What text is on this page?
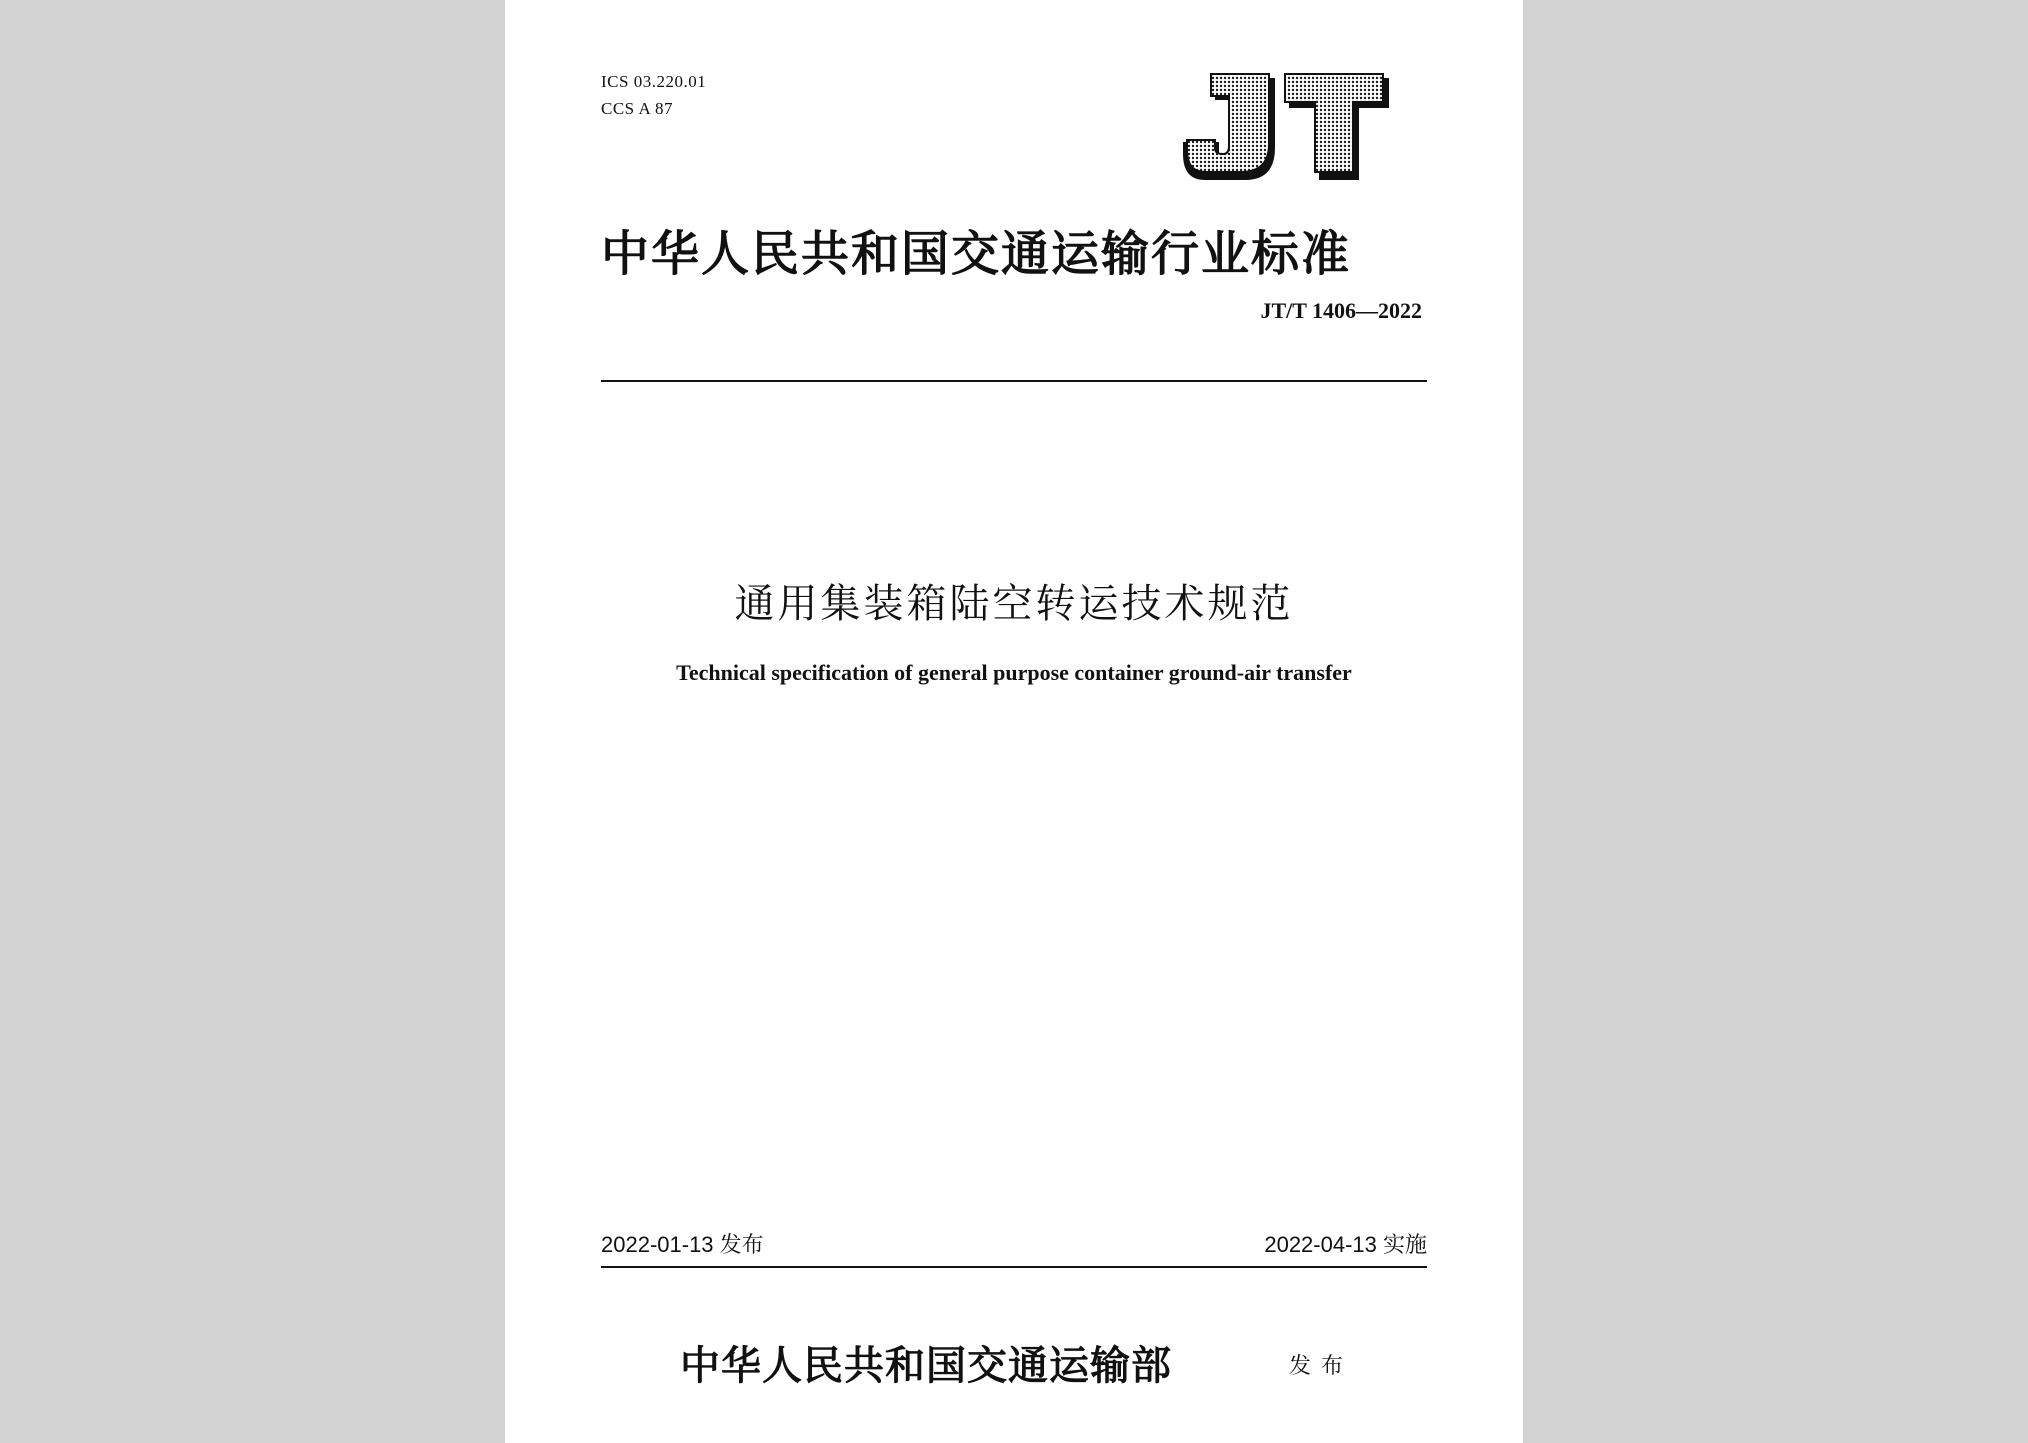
ICS 03.220.01
CCS A 87
中华人民共和国交通运输行业标准
JT/T 1406—2022
通用集装箱陆空转运技术规范
Technical specification of general purpose container ground-air transfer
2022-01-13 发布	2022-04-13 实施
中华人民共和国交通运输部	发布
